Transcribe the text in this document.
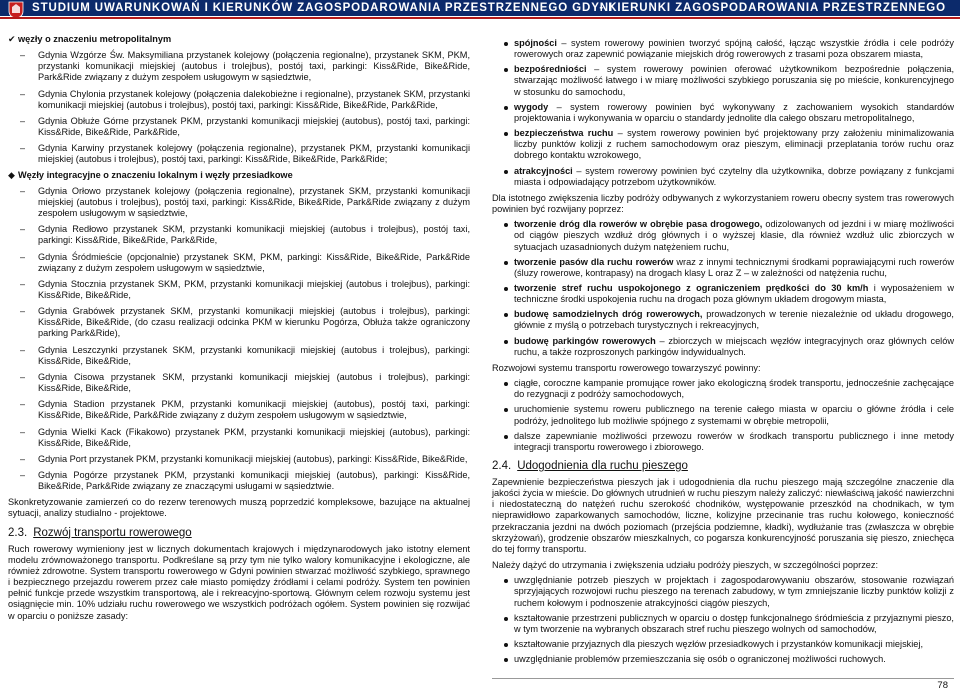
STUDIUM UWARUNKOWAŃ I KIERUNKÓW ZAGOSPODAROWANIA PRZESTRZENNEGO GDYNI
- KIERUNKI ZAGOSPODAROWANIA PRZESTRZENNEGO
✔ węzły o znaczeniu metropolitalnym
–	Gdynia Wzgórze Św. Maksymiliana przystanek kolejowy (połączenia regionalne), przystanek SKM, PKM, przystanki komunikacji miejskiej (autobus i trolejbus), postój taxi, parkingi: Kiss&Ride, Bike&Ride, Park&Ride związany z dużym zespołem usługowym w sąsiedztwie,
–	Gdynia Chylonia przystanek kolejowy (połączenia dalekobieżne i regionalne), przystanek SKM, przystanki komunikacji miejskiej (autobus i trolejbus), postój taxi, parkingi: Kiss&Ride, Bike&Ride, Park&Ride,
–	Gdynia Obłuże Górne przystanek PKM, przystanki komunikacji miejskiej (autobus), postój taxi, parkingi: Kiss&Ride, Bike&Ride, Park&Ride,
–	Gdynia Karwiny przystanek kolejowy (połączenia regionalne), przystanek PKM, przystanki komunikacji miejskiej (autobus i trolejbus), postój taxi, parkingi: Kiss&Ride, Bike&Ride, Park&Ride;
◆ Węzły integracyjne o znaczeniu lokalnym i węzły przesiadkowe
–	Gdynia Orłowo przystanek kolejowy (połączenia regionalne), przystanek SKM, przystanki komunikacji miejskiej (autobus i trolejbus), postój taxi, parkingi: Kiss&Ride, Bike&Ride, Park&Ride związany z dużym zespołem usługowym w sąsiedztwie,
–	Gdynia Redłowo przystanek SKM, przystanki komunikacji miejskiej (autobus i trolejbus), postój taxi, parkingi: Kiss&Ride, Bike&Ride, Park&Ride,
–	Gdynia Śródmieście (opcjonalnie) przystanek SKM, PKM, parkingi: Kiss&Ride, Bike&Ride, Park&Ride związany z dużym zespołem usługowym w sąsiedztwie,
–	Gdynia Stocznia przystanek SKM, PKM, przystanki komunikacji miejskiej (autobus i trolejbus), parkingi: Kiss&Ride, Bike&Ride,
–	Gdynia Grabówek przystanek SKM, przystanki komunikacji miejskiej (autobus i trolejbus), parkingi: Kiss&Ride, Bike&Ride, (do czasu realizacji odcinka PKM w kierunku Pogórza, Obłuża także ograniczony parking Park&Ride),
–	Gdynia Leszczynki przystanek SKM, przystanki komunikacji miejskiej (autobus i trolejbus), parkingi: Kiss&Ride, Bike&Ride,
–	Gdynia Cisowa przystanek SKM, przystanki komunikacji miejskiej (autobus i trolejbus), parkingi: Kiss&Ride, Bike&Ride,
–	Gdynia Stadion przystanek PKM, przystanki komunikacji miejskiej (autobus), postój taxi, parkingi: Kiss&Ride, Bike&Ride, Park&Ride związany z dużym zespołem usługowym w sąsiedztwie,
–	Gdynia Wielki Kack (Fikakowo) przystanek PKM, przystanki komunikacji miejskiej (autobus), parkingi: Kiss&Ride, Bike&Ride,
–	Gdynia Port przystanek PKM, przystanki komunikacji miejskiej (autobus), parkingi: Kiss&Ride, Bike&Ride,
–	Gdynia Pogórze przystanek PKM, przystanki komunikacji miejskiej (autobus), parkingi: Kiss&Ride, Bike&Ride, Park&Ride związany ze znaczącymi usługami w sąsiedztwie.
Skonkretyzowanie zamierzeń co do rezerw terenowych muszą poprzedzić kompleksowe, bazujące na aktualnej sytuacji, analizy studialno - projektowe.
2.3. Rozwój transportu rowerowego
Ruch rowerowy wymieniony jest w licznych dokumentach krajowych i międzynarodowych jako istotny element modelu zrównoważonego transportu. Podkreślane są przy tym nie tylko walory komunikacyjne i ekologiczne, ale również zdrowotne. System transportu rowerowego w Gdyni powinien stwarzać możliwość szybkiego, sprawnego i bezpiecznego przejazdu rowerem przez całe miasto pomiędzy źródłami i celami podróży. System ten powinien pełnić funkcje przede wszystkim transportową, ale i rekreacyjno-sportową. Głównym celem rozwoju systemu jest osiągnięcie min. 10% udziału ruchu rowerowego we wszystkich podróżach ogółem. System powinien się rozwijać w oparciu o poniższe zasady:
spójności – system rowerowy powinien tworzyć spójną całość, łącząc wszystkie źródła i cele podróży rowerowych oraz zapewnić powiązanie miejskich dróg rowerowych z trasami poza obszarem miasta,
bezpośredniości – system rowerowy powinien oferować użytkownikom bezpośrednie połączenia, stwarzając możliwość łatwego i w miarę możliwości szybkiego poruszania się po mieście, konkurencyjnego w stosunku do samochodu,
wygody – system rowerowy powinien być wykonywany z zachowaniem wysokich standardów projektowania i wykonywania w oparciu o standardy jednolite dla całego obszaru metropolitalnego,
bezpieczeństwa ruchu – system rowerowy powinien być projektowany przy założeniu minimalizowania liczby punktów kolizji z ruchem samochodowym oraz pieszym, eliminacji przeplatania torów ruchu oraz dobrego kontaktu wzrokowego,
atrakcyjności – system rowerowy powinien być czytelny dla użytkownika, dobrze powiązany z funkcjami miasta i odpowiadający potrzebom użytkowników.
Dla istotnego zwiększenia liczby podróży odbywanych z wykorzystaniem roweru obecny system tras rowerowych powinien być rozwijany poprzez:
tworzenie dróg dla rowerów w obrębie pasa drogowego, odizolowanych od jezdni i w miarę możliwości od ciągów pieszych wzdłuż dróg głównych i o wyższej klasie, dla również wzdłuż ulic zbiorczych w sytuacjach uzasadnionych dużym natężeniem ruchu,
tworzenie pasów dla ruchu rowerów wraz z innymi technicznymi środkami poprawiającymi ruch rowerów (śluzy rowerowe, kontrapasy) na drogach klasy L oraz Z – w zależności od natężenia ruchu,
tworzenie stref ruchu uspokojonego z ograniczeniem prędkości do 30 km/h i wyposażeniem w techniczne środki uspokojenia ruchu na drogach poza głównym układem drogowym miasta,
budowę samodzielnych dróg rowerowych, prowadzonych w terenie niezależnie od układu drogowego, głównie z myślą o potrzebach turystycznych i rekreacyjnych,
budowę parkingów rowerowych – zbiorczych w miejscach węzłów integracyjnych oraz głównych celów ruchu, a także rozproszonych parkingów indywidualnych.
Rozwojowi systemu transportu rowerowego towarzyszyć powinny:
ciągłe, coroczne kampanie promujące rower jako ekologiczną środek transportu, jednocześnie zachęcające do rezygnacji z podróży samochodowych,
uruchomienie systemu roweru publicznego na terenie całego miasta w oparciu o główne źródła i cele podróży, jednolitego lub możliwie spójnego z systemami w obrębie metropolii,
dalsze zapewnianie możliwości przewozu rowerów w środkach transportu publicznego i inne metody integracji transportu rowerowego i zbiorowego.
2.4. Udogodnienia dla ruchu pieszego
Zapewnienie bezpieczeństwa pieszych jak i udogodnienia dla ruchu pieszego mają szczególne znaczenie dla jakości życia w mieście. Do głównych utrudnień w ruchu pieszym należy zaliczyć: niewłaściwą jakość nawierzchni i niedostateczną do natężeń ruchu szerokość chodników, występowanie przeszkód na chodnikach, w tym nieprawidłowo zaparkowanych samochodów, liczne, kolizyjne przecinanie tras ruchu kołowego, konieczność przekraczania jezdni na dwóch poziomach (przejścia podziemne, kładki), wydłużanie tras (zwłaszcza w obrębie skrzyżowań), grodzenie obszarów mieszkalnych, co pogarsza konkurencyjność poruszania się pieszo, zniechęca do tej formy transportu.
Należy dążyć do utrzymania i zwiększenia udziału podróży pieszych, w szczególności poprzez:
uwzględnianie potrzeb pieszych w projektach i zagospodarowywaniu obszarów, stosowanie rozwiązań sprzyjających rozwojowi ruchu pieszego na terenach zabudowy, w tym zmniejszanie liczby punktów kolizji z ruchem kołowym i podnoszenie atrakcyjności ciągów pieszych,
kształtowanie przestrzeni publicznych w oparciu o dostęp funkcjonalnego śródmieścia z przyjaznymi pieszo, w tym tworzenie na wybranych obszarach stref ruchu pieszego wolnych od samochodów,
kształtowanie przyjaznych dla pieszych węzłów przesiadkowych i przystanków komunikacji miejskiej,
uwzględnianie problemów przemieszczania się osób o ograniczonej możliwości ruchowych.
78
